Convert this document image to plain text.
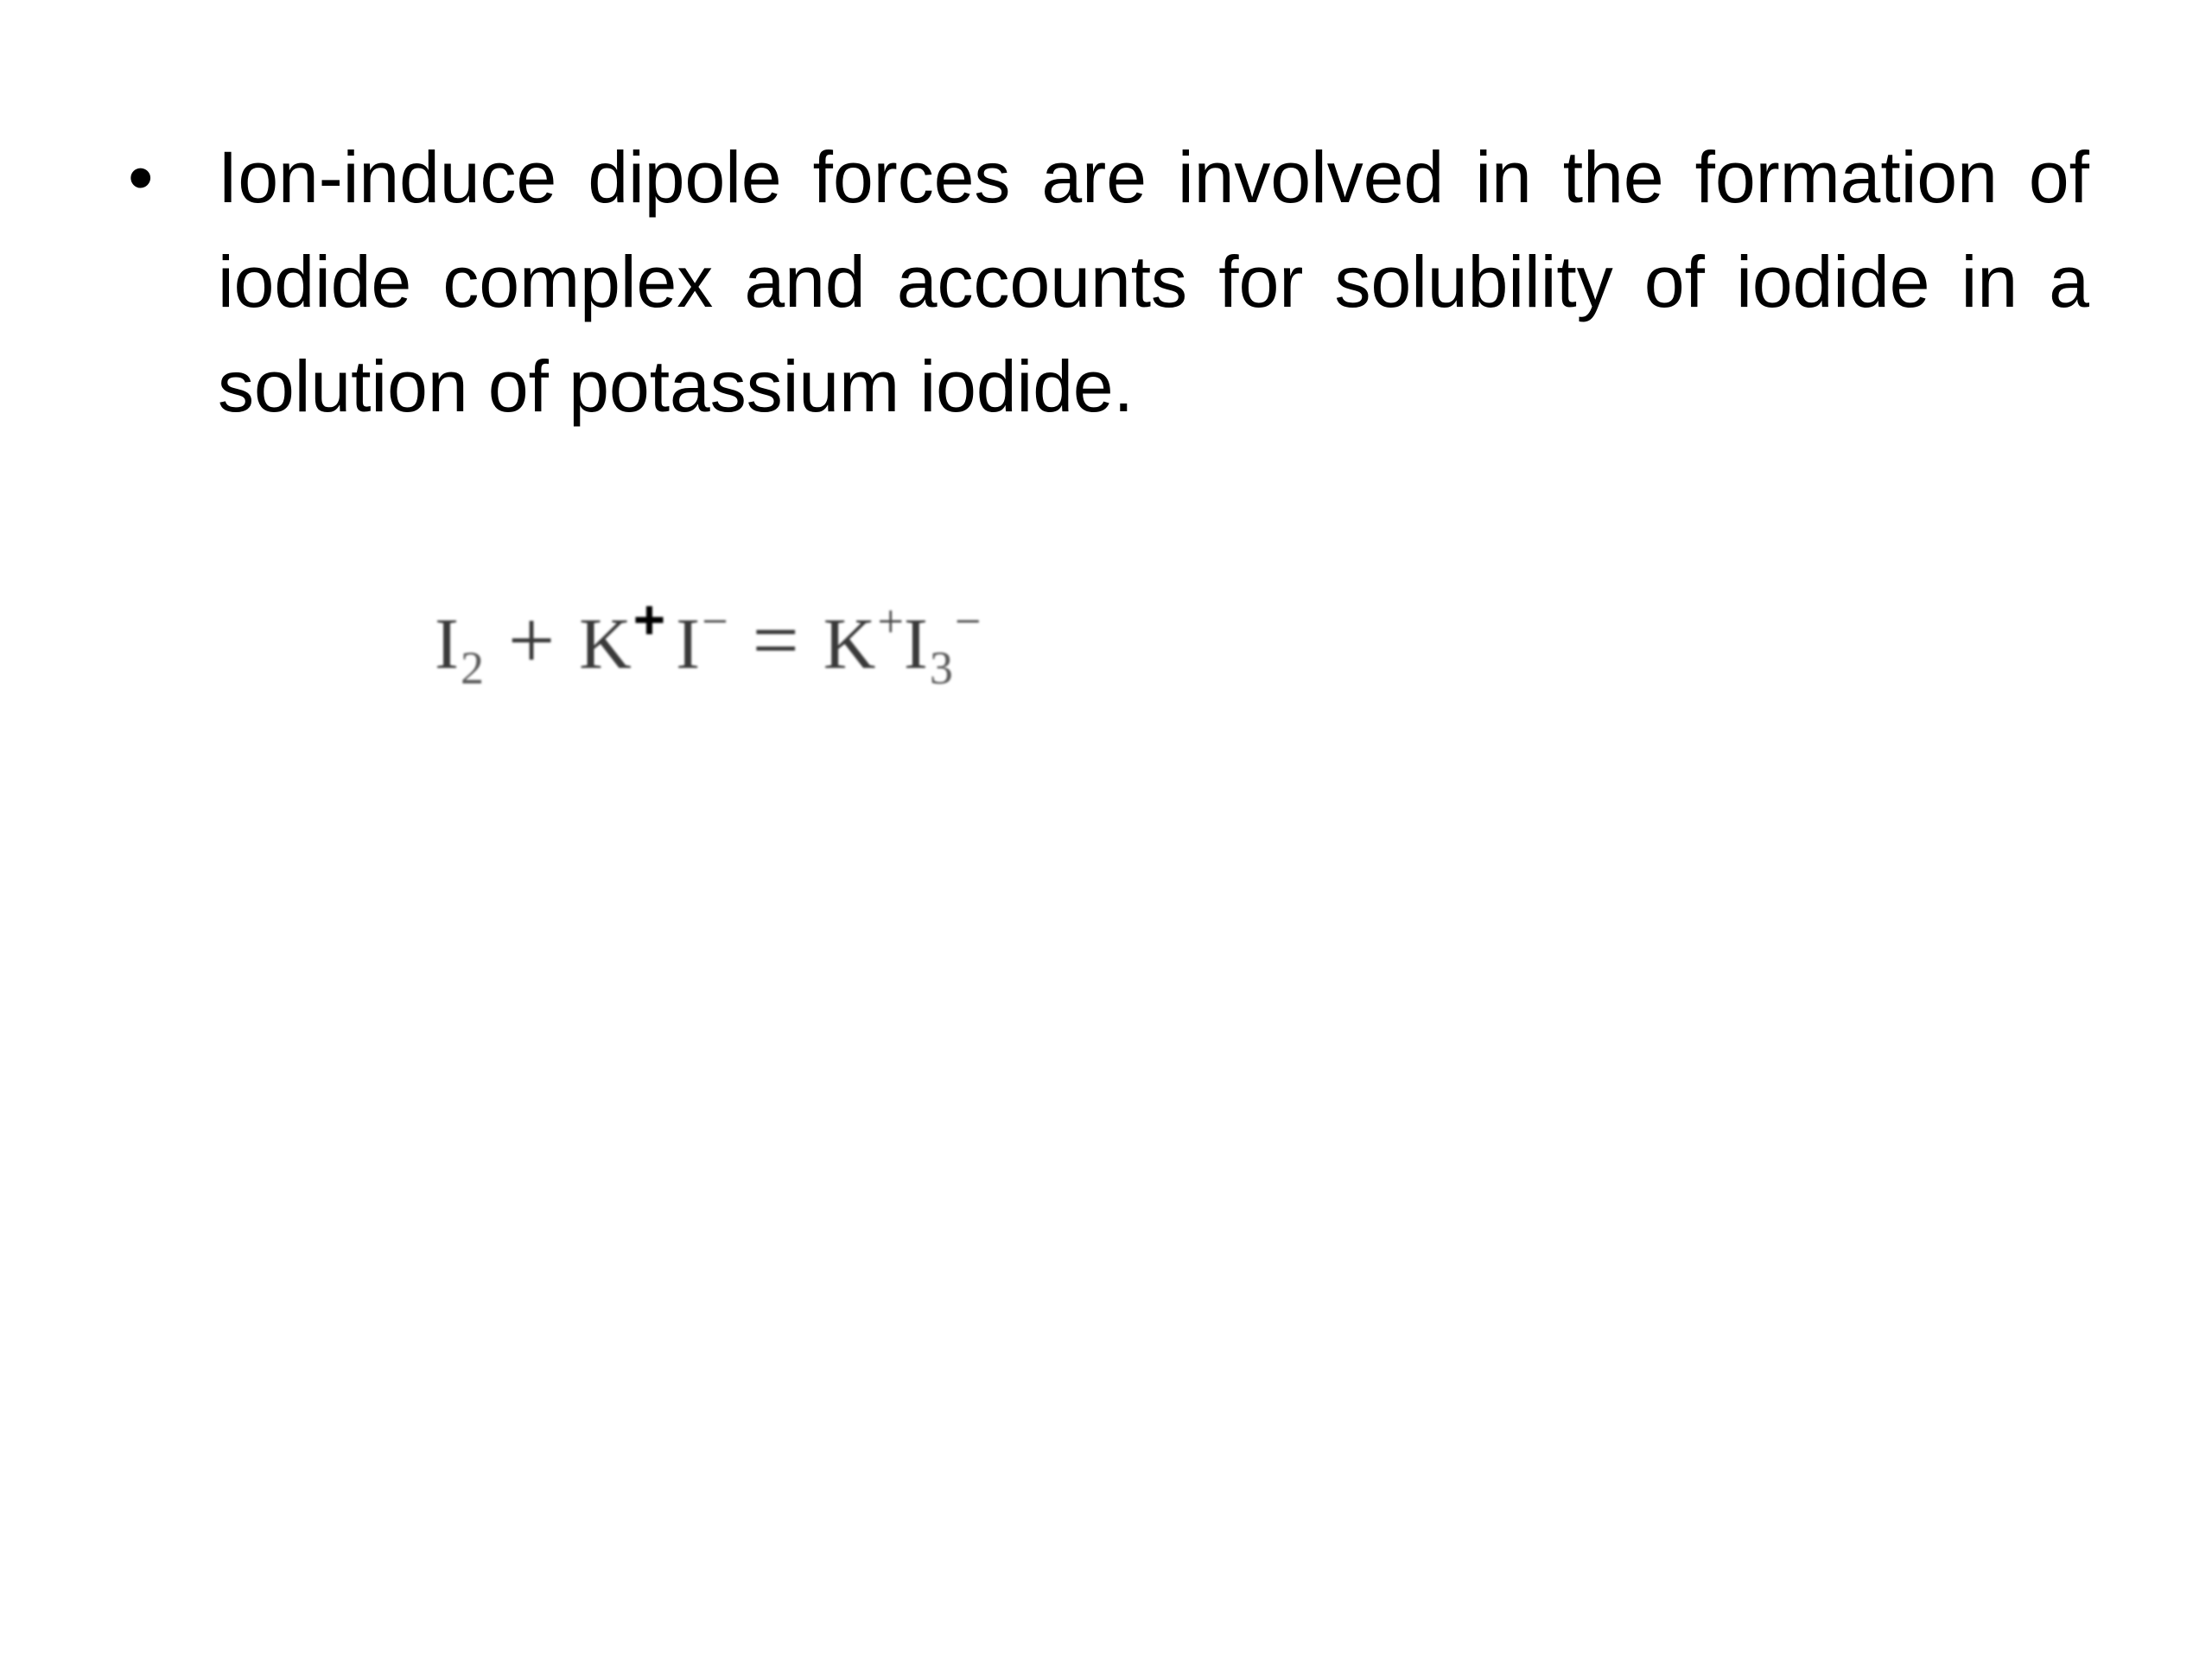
• Ion-induce dipole forces are involved in the formation of iodide complex and accounts for solubility of iodide in a solution of potassium iodide.
$I_2 + K^+$ I− = K+ $I_3^-$
